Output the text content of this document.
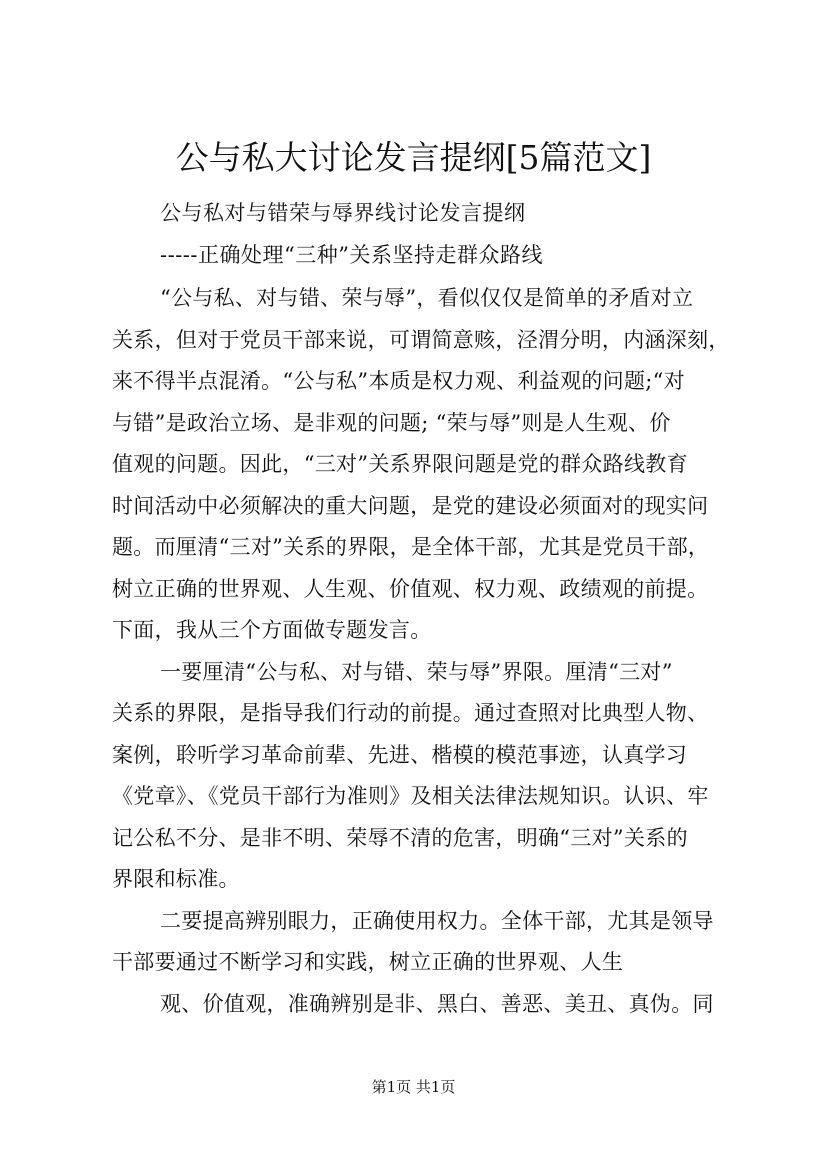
公与私大讨论发言提纲[5篇范文]
公与私对与错荣与辱界线讨论发言提纲
-----正确处理“三种”关系坚持走群众路线
“公与私、对与错、荣与辱”，看似仅仅是简单的矛盾对立
关系，但对于党员干部来说，可谓简意赅，泾渭分明，内涵深刻，
来不得半点混淆。“公与私”本质是权力观、利益观的问题;“对
与错”是政治立场、是非观的问题; “荣与辱”则是人生观、价
值观的问题。因此，“三对”关系界限问题是党的群众路线教育
时间活动中必须解决的重大问题，是党的建设必须面对的现实问
题。而厘清“三对”关系的界限，是全体干部，尤其是党员干部，
树立正确的世界观、人生观、价值观、权力观、政绩观的前提。
下面，我从三个方面做专题发言。
一要厘清“公与私、对与错、荣与辱”界限。厘清“三对”
关系的界限，是指导我们行动的前提。通过查照对比典型人物、
案例，聆听学习革命前辈、先进、楷模的模范事迹，认真学习
《党章》、《党员干部行为准则》及相关法律法规知识。认识、牢
记公私不分、是非不明、荣辱不清的危害，明确“三对”关系的
界限和标准。
二要提高辨别眼力，正确使用权力。全体干部，尤其是领导
干部要通过不断学习和实践，树立正确的世界观、人生
观、价值观，准确辨别是非、黑白、善恶、美丑、真伪。同
第1页 共1页
